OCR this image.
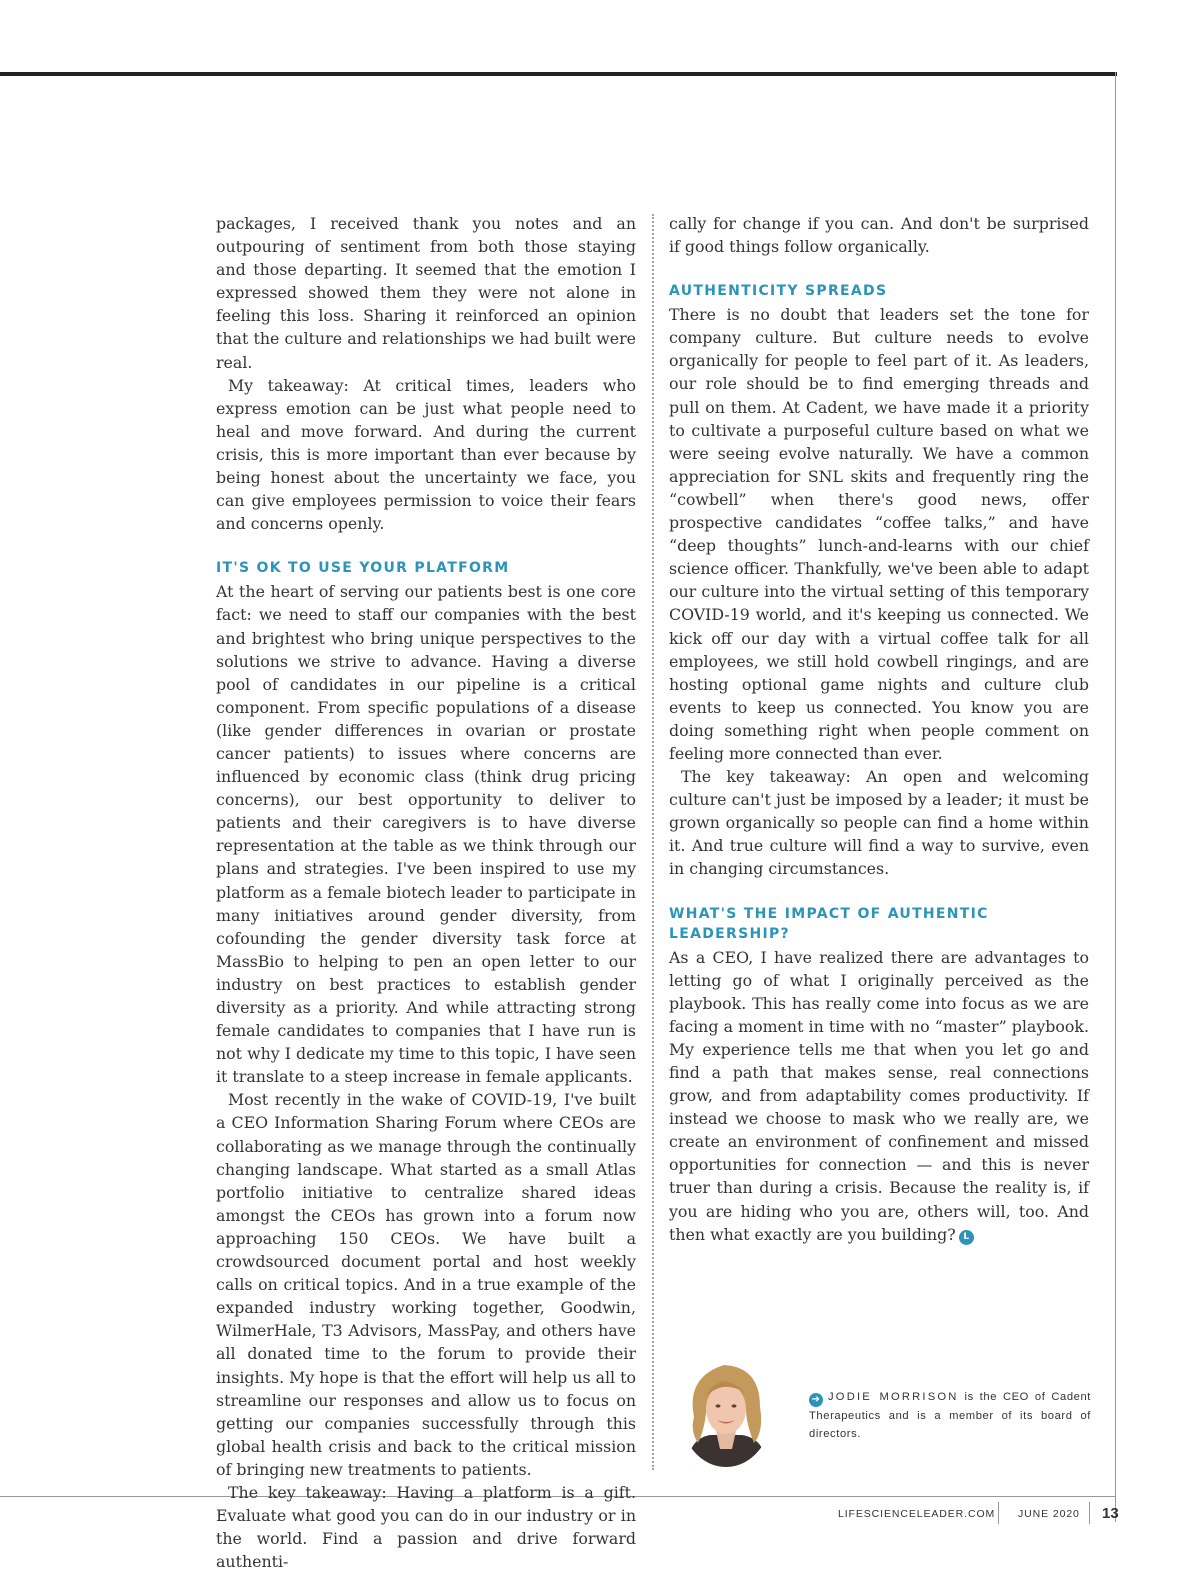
packages, I received thank you notes and an outpouring of sentiment from both those staying and those departing. It seemed that the emotion I expressed showed them they were not alone in feeling this loss. Sharing it reinforced an opinion that the culture and relationships we had built were real.

My takeaway: At critical times, leaders who express emotion can be just what people need to heal and move forward. And during the current crisis, this is more important than ever because by being honest about the uncertainty we face, you can give employees permission to voice their fears and concerns openly.

IT'S OK TO USE YOUR PLATFORM

At the heart of serving our patients best is one core fact: we need to staff our companies with the best and brightest who bring unique perspectives to the solutions we strive to advance. Having a diverse pool of candidates in our pipeline is a critical component. From specific populations of a disease (like gender differences in ovarian or prostate cancer patients) to issues where concerns are influenced by economic class (think drug pricing concerns), our best opportunity to deliver to patients and their caregivers is to have diverse representation at the table as we think through our plans and strategies. I've been inspired to use my platform as a female biotech leader to participate in many initiatives around gender diversity, from cofounding the gender diversity task force at MassBio to helping to pen an open letter to our industry on best practices to establish gender diversity as a priority. And while attracting strong female candidates to companies that I have run is not why I dedicate my time to this topic, I have seen it translate to a steep increase in female applicants.

Most recently in the wake of COVID-19, I've built a CEO Information Sharing Forum where CEOs are collaborating as we manage through the continually changing landscape. What started as a small Atlas portfolio initiative to centralize shared ideas amongst the CEOs has grown into a forum now approaching 150 CEOs. We have built a crowdsourced document portal and host weekly calls on critical topics. And in a true example of the expanded industry working together, Goodwin, WilmerHale, T3 Advisors, MassPay, and others have all donated time to the forum to provide their insights. My hope is that the effort will help us all to streamline our responses and allow us to focus on getting our companies successfully through this global health crisis and back to the critical mission of bringing new treatments to patients.

The key takeaway: Having a platform is a gift. Evaluate what good you can do in our industry or in the world. Find a passion and drive forward authenti-

cally for change if you can. And don't be surprised if good things follow organically.

AUTHENTICITY SPREADS

There is no doubt that leaders set the tone for company culture. But culture needs to evolve organically for people to feel part of it. As leaders, our role should be to find emerging threads and pull on them. At Cadent, we have made it a priority to cultivate a purposeful culture based on what we were seeing evolve naturally. We have a common appreciation for SNL skits and frequently ring the “cowbell” when there's good news, offer prospective candidates “coffee talks,” and have “deep thoughts” lunch-and-learns with our chief science officer. Thankfully, we've been able to adapt our culture into the virtual setting of this temporary COVID-19 world, and it's keeping us connected. We kick off our day with a virtual coffee talk for all employees, we still hold cowbell ringings, and are hosting optional game nights and culture club events to keep us connected. You know you are doing something right when people comment on feeling more connected than ever.

The key takeaway: An open and welcoming culture can't just be imposed by a leader; it must be grown organically so people can find a home within it. And true culture will find a way to survive, even in changing circumstances.

WHAT'S THE IMPACT OF AUTHENTIC LEADERSHIP?

As a CEO, I have realized there are advantages to letting go of what I originally perceived as the playbook. This has really come into focus as we are facing a moment in time with no “master” playbook. My experience tells me that when you let go and find a path that makes sense, real connections grow, and from adaptability comes productivity. If instead we choose to mask who we really are, we create an environment of confinement and missed opportunities for connection — and this is never truer than during a crisis. Because the reality is, if you are hiding who you are, others will, too. And then what exactly are you building? L

➔ JODIE MORRISON is the CEO of Cadent Therapeutics and is a member of its board of directors.
LIFESCIENCELEADER.COM JUNE 2020 13
